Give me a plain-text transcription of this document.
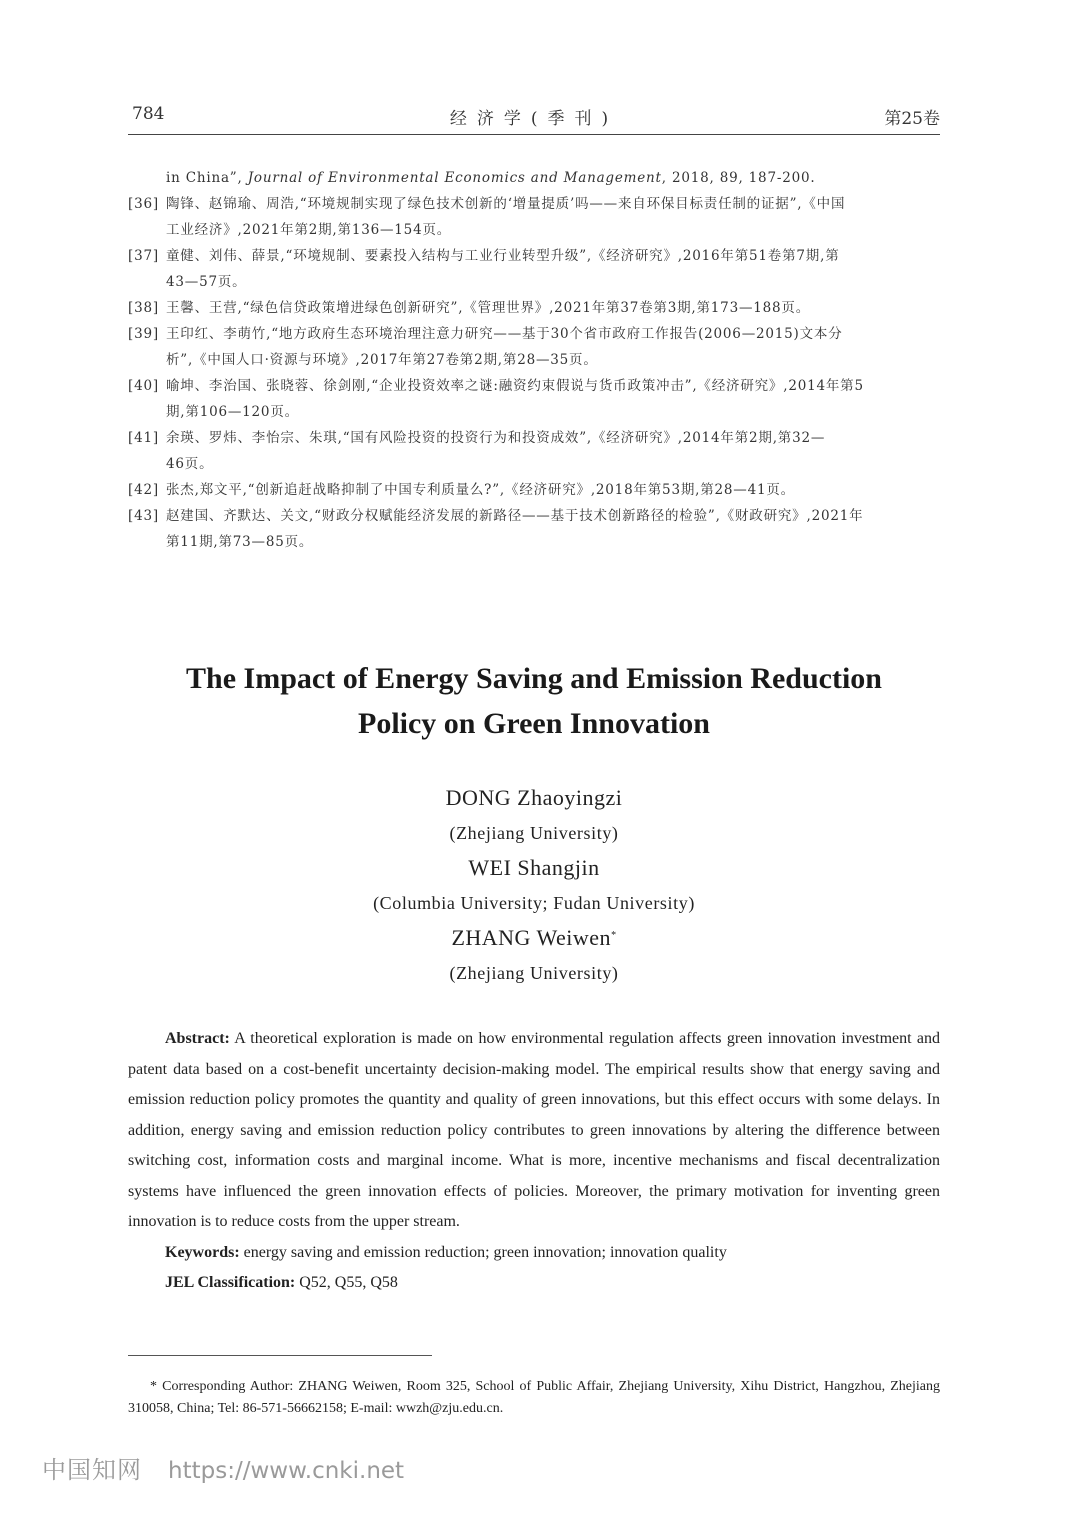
784	经济学(季刊)	第25卷
in China”, Journal of Environmental Economics and Management, 2018, 89, 187-200.
[36] 陶锋、赵锦瑜、周浩,“环境规制实现了绿色技术创新的‘增量提质’吗——来自环保目标责任制的证据”,《中国
工业经济》,2021年第2期,第136—154页。
[37] 童健、刘伟、薛景,“环境规制、要素投入结构与工业行业转型升级”,《经济研究》,2016年第51卷第7期,第
43—57页。
[38] 王馨、王营,“绿色信贷政策增进绿色创新研究”,《管理世界》,2021年第37卷第3期,第173—188页。
[39] 王印红、李萌竹,“地方政府生态环境治理注意力研究——基于30个省市政府工作报告(2006—2015)文本分
析”,《中国人口·资源与环境》,2017年第27卷第2期,第28—35页。
[40] 喻坤、李治国、张晓蓉、徐剑刚,“企业投资效率之谜:融资约束假说与货币政策冲击”,《经济研究》,2014年第5
期,第106—120页。
[41] 余瑛、罗炜、李怡宗、朱琪,“国有风险投资的投资行为和投资成效”,《经济研究》,2014年第2期,第32—
46页。
[42] 张杰,郑文平,“创新追赶战略抑制了中国专利质量么?”,《经济研究》,2018年第53期,第28—41页。
[43] 赵建国、齐默达、关文,“财政分权赋能经济发展的新路径——基于技术创新路径的检验”,《财政研究》,2021年
第11期,第73—85页。
The Impact of Energy Saving and Emission Reduction
Policy on Green Innovation
DONG Zhaoyingzi
(Zhejiang University)
WEI Shangjin
(Columbia University; Fudan University)
ZHANG Weiwen*
(Zhejiang University)

Abstract: A theoretical exploration is made on how environmental regulation affects green innovation investment and patent data based on a cost-benefit uncertainty decision-making model. The empirical results show that energy saving and emission reduction policy promotes the quantity and quality of green innovations, but this effect occurs with some delays. In addition, energy saving and emission reduction policy contributes to green innovations by altering the difference between switching cost, information costs and marginal income. What is more, incentive mechanisms and fiscal decentralization systems have influenced the green innovation effects of policies. Moreover, the primary motivation for inventing green innovation is to reduce costs from the upper stream.

Keywords: energy saving and emission reduction; green innovation; innovation quality
JEL Classification: Q52, Q55, Q58

* Corresponding Author: ZHANG Weiwen, Room 325, School of Public Affair, Zhejiang University, Xihu District, Hangzhou, Zhejiang 310058, China; Tel: 86-571-56662158; E-mail: wwzh@zju.edu.cn.

中国知网 https://www.cnki.net
